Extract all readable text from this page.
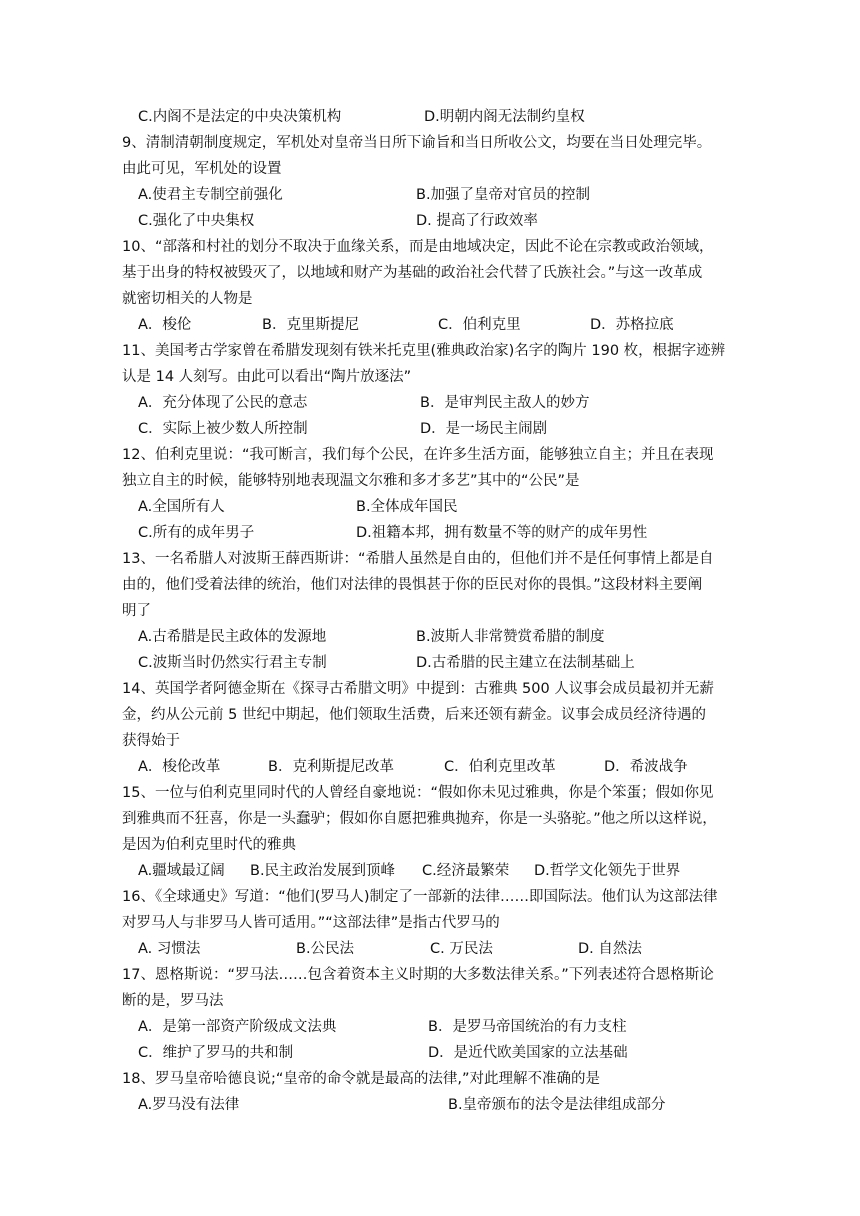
C.内阁不是法定的中央决策机构	D.明朝内阁无法制约皇权
9、清制清朝制度规定，军机处对皇帝当日所下谕旨和当日所收公文，均要在当日处理完毕。
由此可见，军机处的设置
A.使君主专制空前强化	B.加强了皇帝对官员的控制
C.强化了中央集权	D. 提高了行政效率
10、“部落和村社的划分不取决于血缘关系，而是由地域决定，因此不论在宗教或政治领域，
基于出身的特权被毁灭了，以地域和财产为基础的政治社会代替了氏族社会。”与这一改革成
就密切相关的人物是
A．梭伦	B．克里斯提尼	C．伯利克里	D．苏格拉底
11、美国考古学家曾在希腊发现刻有铁米托克里(雅典政治家)名字的陶片 190 枚，根据字迹辨
认是 14 人刻写。由此可以看出“陶片放逐法”
A．充分体现了公民的意志	B．是审判民主敌人的妙方
C．实际上被少数人所控制	D．是一场民主闹剧
12、伯利克里说：“我可断言，我们每个公民，在许多生活方面，能够独立自主；并且在表现
独立自主的时候，能够特别地表现温文尔雅和多才多艺”其中的“公民”是
A.全国所有人	B.全体成年国民
C.所有的成年男子	D.祖籍本邦，拥有数量不等的财产的成年男性
13、一名希腊人对波斯王薛西斯讲：“希腊人虽然是自由的，但他们并不是任何事情上都是自
由的，他们受着法律的统治，他们对法律的畏惧甚于你的臣民对你的畏惧。”这段材料主要阐
明了
A.古希腊是民主政体的发源地	B.波斯人非常赞赏希腊的制度
C.波斯当时仍然实行君主专制	D.古希腊的民主建立在法制基础上
14、英国学者阿德金斯在《探寻古希腊文明》中提到：古雅典 500 人议事会成员最初并无薪
金，约从公元前 5 世纪中期起，他们领取生活费，后来还领有薪金。议事会成员经济待遇的
获得始于
A．梭伦改革	B．克利斯提尼改革	C．伯利克里改革	D．希波战争
15、一位与伯利克里同时代的人曾经自豪地说：“假如你未见过雅典，你是个笨蛋；假如你见
到雅典而不狂喜，你是一头蠢驴；假如你自愿把雅典抛弃，你是一头骆驼。”他之所以这样说，
是因为伯利克里时代的雅典
A.疆域最辽阔 B.民主政治发展到顶峰 C.经济最繁荣 D.哲学文化领先于世界
16、《全球通史》写道：“他们(罗马人)制定了一部新的法律……即国际法。他们认为这部法律
对罗马人与非罗马人皆可适用。”“这部法律”是指古代罗马的
A. 习惯法	B.公民法	C. 万民法	D. 自然法
17、恩格斯说：“罗马法……包含着资本主义时期的大多数法律关系。”下列表述符合恩格斯论
断的是，罗马法
A．是第一部资产阶级成文法典	B．是罗马帝国统治的有力支柱
C．维护了罗马的共和制	D．是近代欧美国家的立法基础
18、罗马皇帝哈德良说;“皇帝的命令就是最高的法律,”对此理解不准确的是
A.罗马没有法律	B.皇帝颁布的法令是法律组成部分
